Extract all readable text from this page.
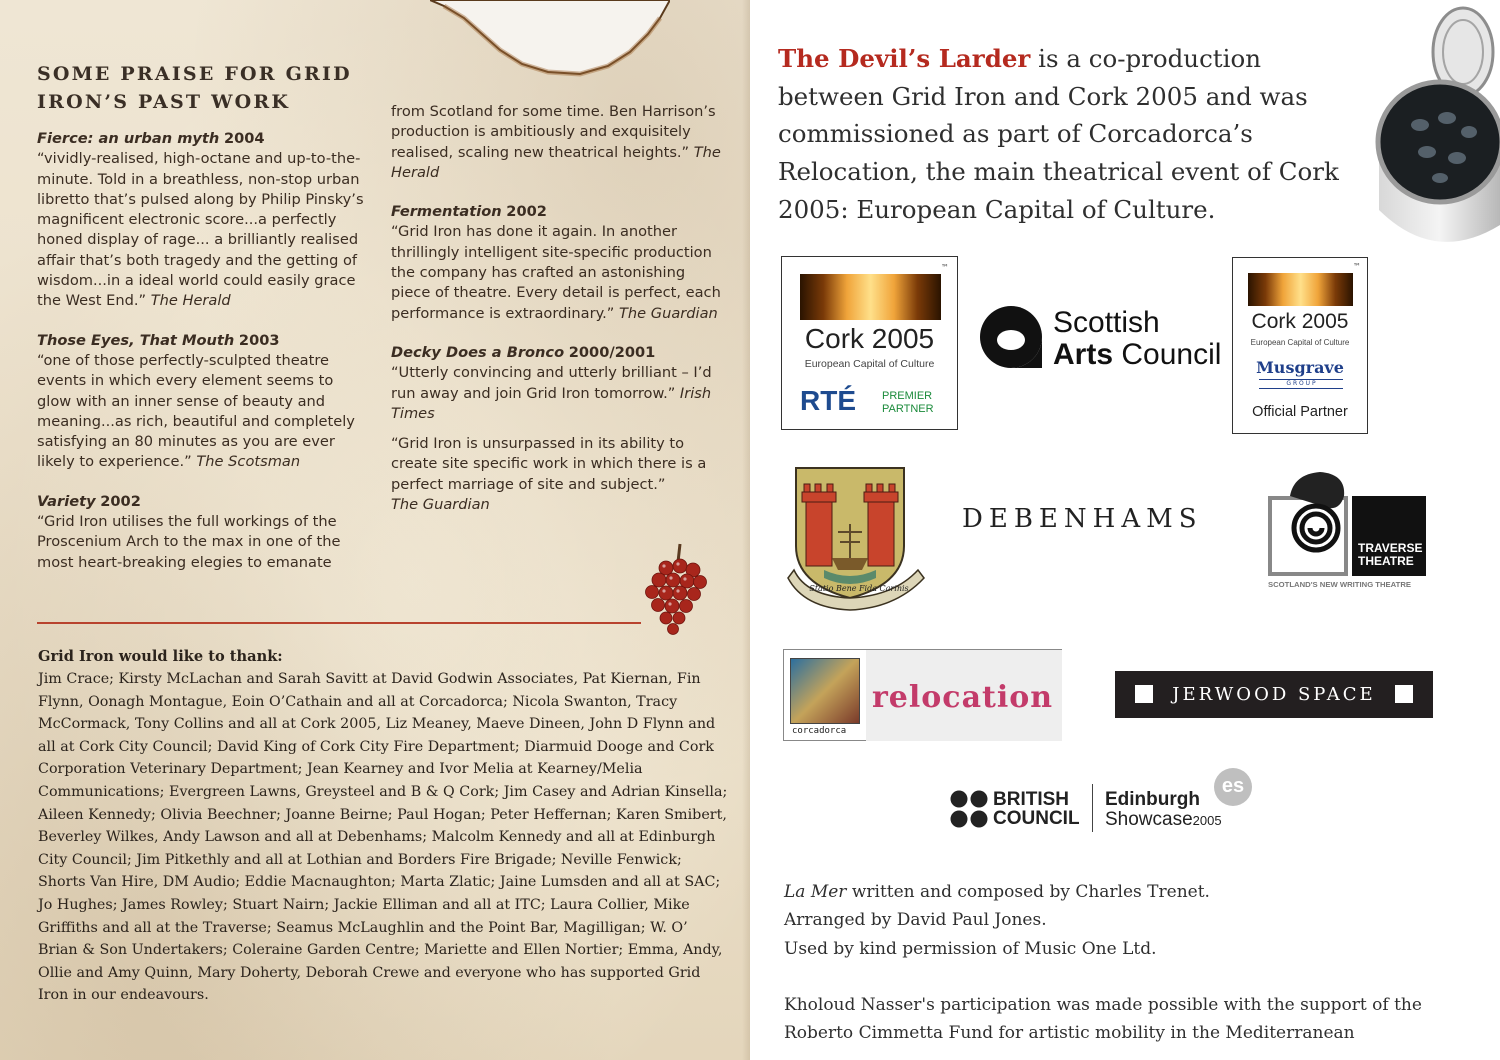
SOME PRAISE FOR GRID IRON’S PAST WORK
Fierce: an urban myth 2004
“vividly-realised, high-octane and up-to-the-minute. Told in a breathless, non-stop urban libretto that’s pulsed along by Philip Pinsky’s magnificent electronic score...a perfectly honed display of rage... a brilliantly realised affair that’s both tragedy and the getting of wisdom...in a ideal world could easily grace the West End.” The Herald
Those Eyes, That Mouth 2003
“one of those perfectly-sculpted theatre events in which every element seems to glow with an inner sense of beauty and meaning...as rich, beautiful and completely satisfying an 80 minutes as you are ever likely to experience.” The Scotsman
Variety 2002
“Grid Iron utilises the full workings of the Proscenium Arch to the max in one of the most heart-breaking elegies to emanate
from Scotland for some time. Ben Harrison’s production is ambitiously and exquisitely realised, scaling new theatrical heights.” The Herald
Fermentation 2002
“Grid Iron has done it again. In another thrillingly intelligent site-specific production the company has crafted an astonishing piece of theatre. Every detail is perfect, each performance is extraordinary.” The Guardian
Decky Does a Bronco 2000/2001
“Utterly convincing and utterly brilliant – I’d run away and join Grid Iron tomorrow.” Irish Times
“Grid Iron is unsurpassed in its ability to create site specific work in which there is a perfect marriage of site and subject.”
The Guardian
Grid Iron would like to thank:

Jim Crace; Kirsty McLachan and Sarah Savitt at David Godwin Associates, Pat Kiernan, Fin Flynn, Oonagh Montague, Eoin O’Cathain and all at Corcadorca; Nicola Swanton, Tracy McCormack, Tony Collins and all at Cork 2005, Liz Meaney, Maeve Dineen, John D Flynn and all at Cork City Council; David King of Cork City Fire Department; Diarmuid Dooge and Cork Corporation Veterinary Department; Jean Kearney and Ivor Melia at Kearney/Melia Communications; Evergreen Lawns, Greysteel and B & Q Cork; Jim Casey and Adrian Kinsella; Aileen Kennedy; Olivia Beechner; Joanne Beirne; Paul Hogan; Peter Heffernan; Karen Smibert, Beverley Wilkes, Andy Lawson and all at Debenhams; Malcolm Kennedy and all at Edinburgh City Council; Jim Pitkethly and all at Lothian and Borders Fire Brigade; Neville Fenwick; Shorts Van Hire, DM Audio; Eddie Macnaughton; Marta Zlatic; Jaine Lumsden and all at SAC; Jo Hughes; James Rowley; Stuart Nairn; Jackie Elliman and all at ITC; Laura Collier, Mike Griffiths and all at the Traverse; Seamus McLaughlin and the Point Bar, Magilligan; W. O’ Brian & Son Undertakers; Coleraine Garden Centre; Mariette and Ellen Nortier; Emma, Andy, Ollie and Amy Quinn, Mary Doherty, Deborah Crewe and everyone who has supported Grid Iron in our endeavours.

The Devil’s Larder is a co-production between Grid Iron and Cork 2005 and was commissioned as part of Corcadorca’s Relocation, the main theatrical event of Cork 2005: European Capital of Culture.

™
Cork 2005
European Capital of Culture
RTÉ PREMIER PARTNER
Scottish
Arts Council
™
Cork 2005
European Capital of Culture
Musgrave
G R O U P
Official Partner
Statio Bene Fida Carinis
DEBENHAMS
TRAVERSE
THEATRE
SCOTLAND'S NEW WRITING THEATRE
corcadorca
relocation	JERWOOD SPACE
BRITISH
COUNCIL
Edinburgh
Showcase2005
es

La Mer written and composed by Charles Trenet.
Arranged by David Paul Jones.
Used by kind permission of Music One Ltd.

Kholoud Nasser's participation was made possible with the support of the Roberto Cimmetta Fund for artistic mobility in the Mediterranean
